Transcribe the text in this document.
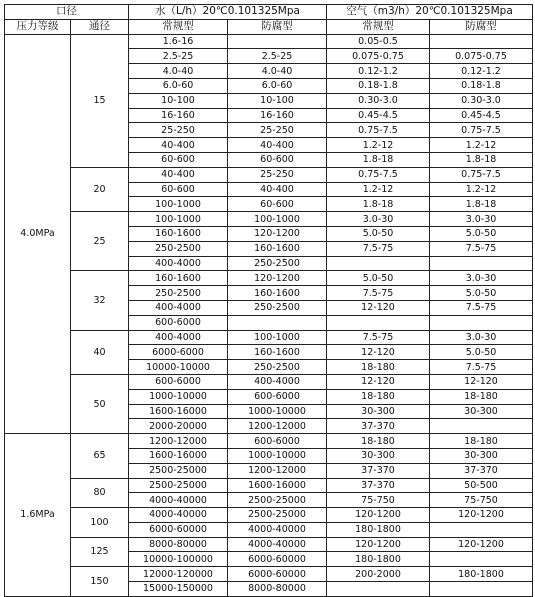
口径		水（L/h）20℃0.101325Mpa		空气（m3/h）20℃0.101325Mpa	
压力等级	通径	常规型	防腐型	常规型	防腐型
4.0MPa	15	1.6-16		0.05-0.5	
		2.5-25	2.5-25	0.075-0.75	0.075-0.75
		4.0-40	4.0-40	0.12-1.2	0.12-1.2
		6.0-60	6.0-60	0.18-1.8	0.18-1.8
		10-100	10-100	0.30-3.0	0.30-3.0
		16-160	16-160	0.45-4.5	0.45-4.5
		25-250	25-250	0.75-7.5	0.75-7.5
		40-400	40-400	1.2-12	1.2-12
		60-600	60-600	1.8-18	1.8-18
	20	40-400	25-250	0.75-7.5	0.75-7.5
		60-600	40-400	1.2-12	1.2-12
		100-1000	60-600	1.8-18	1.8-18
	25	100-1000	100-1000	3.0-30	3.0-30
		160-1600	120-1200	5.0-50	5.0-50
		250-2500	160-1600	7.5-75	7.5-75
		400-4000	250-2500		
	32	160-1600	120-1200	5.0-50	3.0-30
		250-2500	160-1600	7.5-75	5.0-50
		400-4000	250-2500	12-120	7.5-75
		600-6000			
	40	400-4000	100-1000	7.5-75	3.0-30
		6000-6000	160-1600	12-120	5.0-50
		10000-10000	250-2500	18-180	7.5-75
	50	600-6000	400-4000	12-120	12-120
		1000-10000	600-6000	18-180	18-180
		1600-16000	1000-10000	30-300	30-300
		2000-20000	1200-12000	37-370	
1.6MPa	65	1200-12000	600-6000	18-180	18-180
		1600-16000	1000-10000	30-300	30-300
		2500-25000	1200-12000	37-370	37-370
	80	2500-25000	1600-16000	37-370	50-500
		4000-40000	2500-25000	75-750	75-750
	100	4000-40000	2500-25000	120-1200	120-1200
		6000-60000	4000-40000	180-1800	
	125	8000-80000	4000-40000	120-1200	120-1200
		10000-100000	6000-60000	180-1800	
	150	12000-120000	6000-60000	200-2000	180-1800
		15000-150000	8000-80000		
